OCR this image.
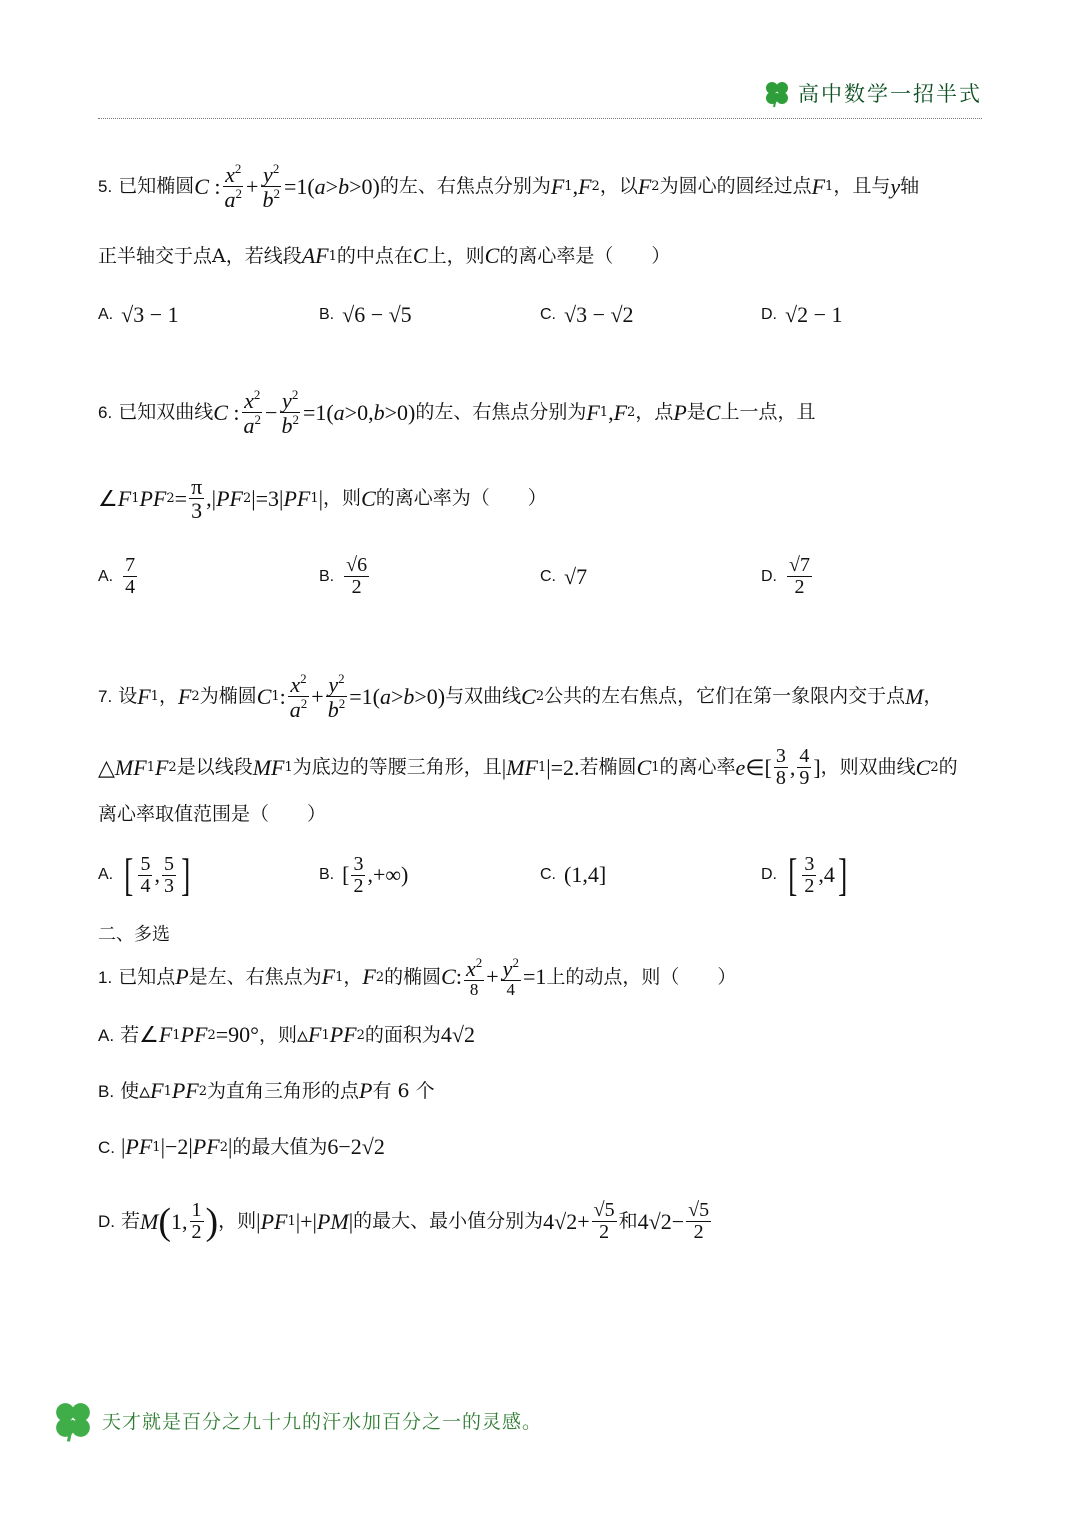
高中数学一招半式
5. 已知椭圆 C : $\frac{x^2}{a^2} + \frac{y^2}{b^2} =1$( a > b >0) 的左、右焦点分别为 F 1 , F 2 ，以 F 2 为圆心的圆经过点 F 1 ，且与 y 轴
正半轴交于点A，若线段 AF 1 的中点在 C 上，则 C 的离心率是（　　）
A. √3 − 1	B. √6 − √5	C. √3 − √2	D. √2 − 1
6. 已知双曲线 C : $\frac{x^2}{a^2} - \frac{y^2}{b^2} =1$( a >0, b >0) 的左、右焦点分别为 F 1 , F 2 ，点 P 是 C 上一点，且
∠ F 1 PF $2 = \frac{\pi}{3}$ ,| PF 2 |=3| PF 1 | ，则 C 的离心率为（　　）
A. $\frac{7}{4}$	B. $\frac{√6}{2}$	C. √7	D. $\frac{√7}{2}$
7. 设 F 1 ， F 2 为椭圆 C 1 : $\frac{x^2}{a^2} + \frac{y^2}{b^2} =1$( a > b >0) 与双曲线 C 2 公共的左右焦点，它们在第一象限内交于点 M ，
△ MF 1 F 2 是以线段 MF 1 为底边的等腰三角形，且 | MF 1 |=2. 若椭圆 C 1 的离心率 e ∈[ $\frac{3}{8}$ , $\frac{4}{9}$ ] ，则双曲线 C 2 的
离心率取值范围是（　　）
A. [ $\frac{5}{4}$ , $\frac{5}{3}$ ]	B. [ $\frac{3}{2}$ ,+∞)	C. (1,4]	D. [ $\frac{3}{2} ,4$ ]
二、多选
1. 已知点 P 是左、右焦点为 F 1 ， F 2 的椭圆 C : $\frac{x^2}{8} + \frac{y^2}{4} =1$ 上的动点，则（　　）
A. 若 ∠ F 1 PF 2 =90° ，则 ▵ F 1 PF 2 的面积为 4√2
B. 使 ▵ F 1 PF 2 为直角三角形的点 P 有 6 个
C. | PF 1 |−2| PF 2 | 的最大值为 6−2√2
D. 若 M ( 1, $\frac{1}{2}$ ) ，则 | PF 1 |+| PM | 的最大、最小值分别为 $4√2+ \frac{√5}{2}$ 和 $4√2- \frac{√5}{2}$
天才就是百分之九十九的汗水加百分之一的灵感。
